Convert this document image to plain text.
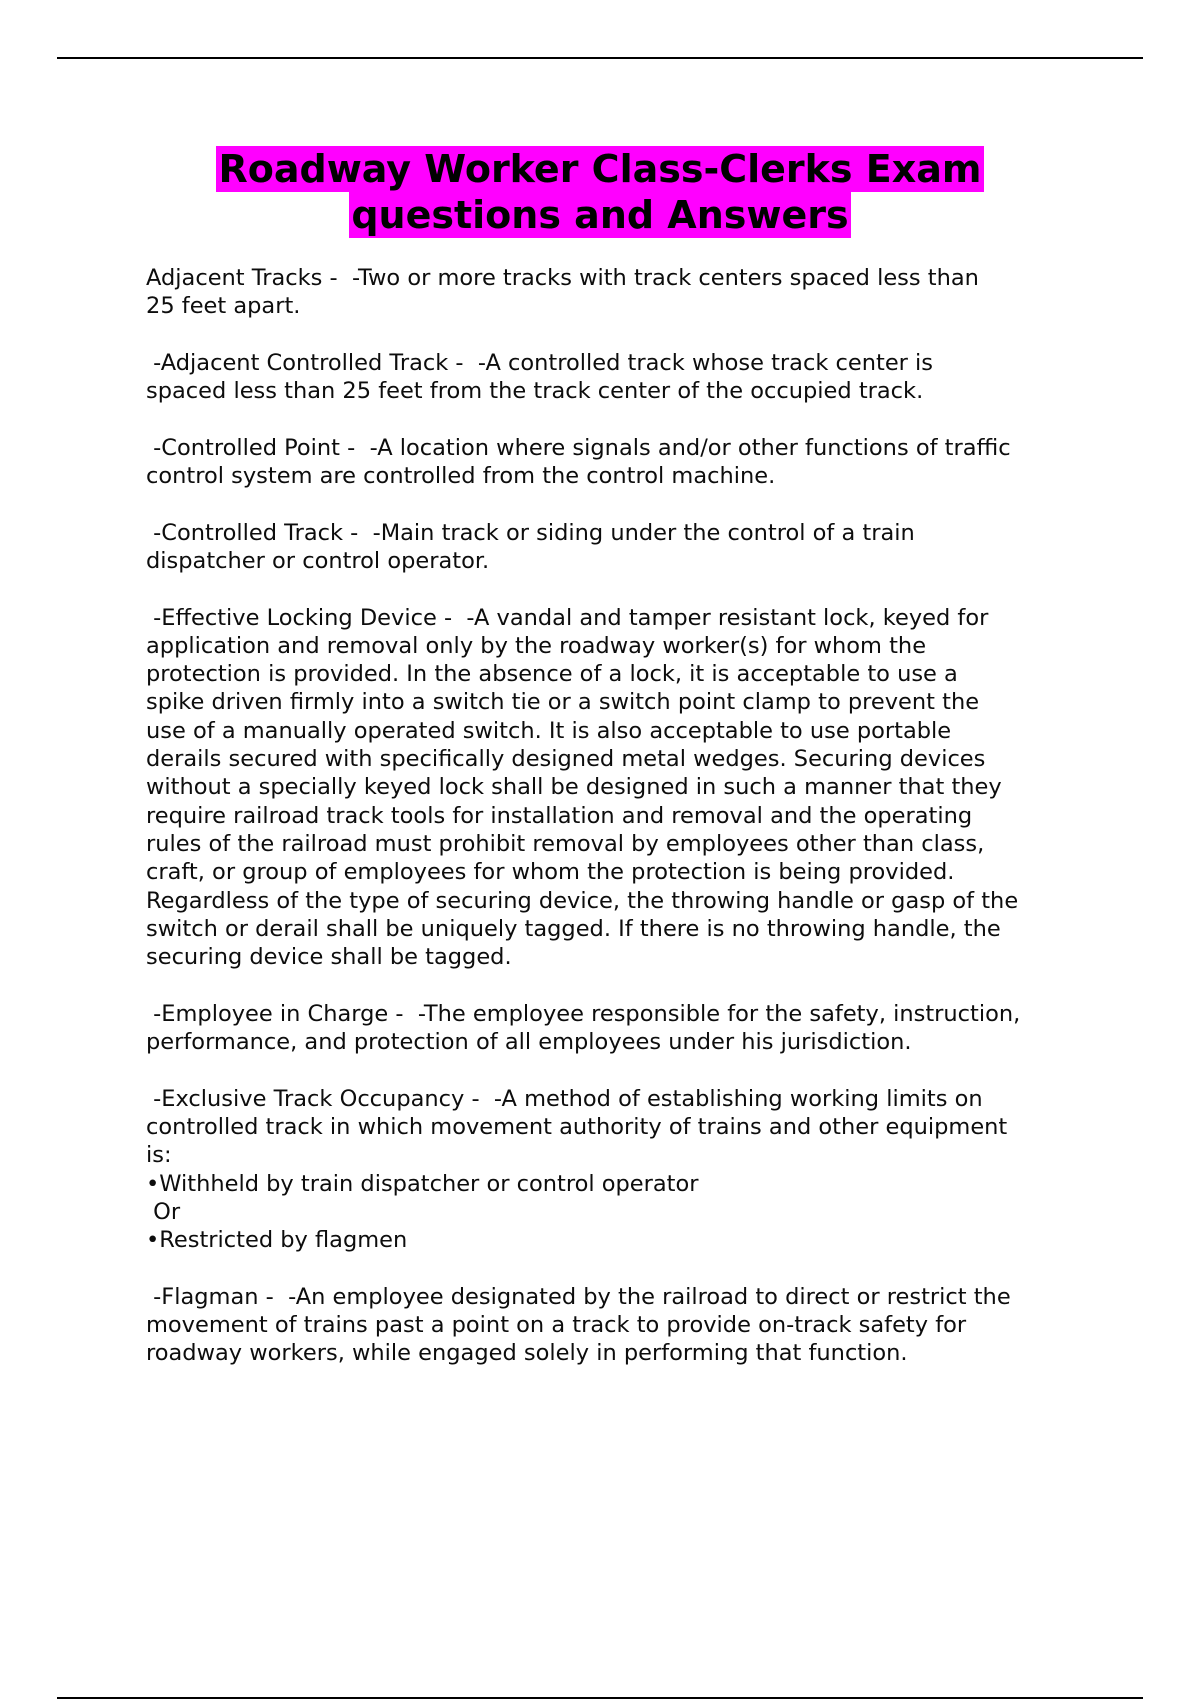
Roadway Worker Class-Clerks Exam
questions and Answers

Adjacent Tracks -  -Two or more tracks with track centers spaced less than
25 feet apart.

-Adjacent Controlled Track -  -A controlled track whose track center is
spaced less than 25 feet from the track center of the occupied track.

-Controlled Point -  -A location where signals and/or other functions of traffic
control system are controlled from the control machine.

-Controlled Track -  -Main track or siding under the control of a train
dispatcher or control operator.

-Effective Locking Device -  -A vandal and tamper resistant lock, keyed for
application and removal only by the roadway worker(s) for whom the
protection is provided. In the absence of a lock, it is acceptable to use a
spike driven firmly into a switch tie or a switch point clamp to prevent the
use of a manually operated switch. It is also acceptable to use portable
derails secured with specifically designed metal wedges. Securing devices
without a specially keyed lock shall be designed in such a manner that they
require railroad track tools for installation and removal and the operating
rules of the railroad must prohibit removal by employees other than class,
craft, or group of employees for whom the protection is being provided.
Regardless of the type of securing device, the throwing handle or gasp of the
switch or derail shall be uniquely tagged. If there is no throwing handle, the
securing device shall be tagged.

-Employee in Charge -  -The employee responsible for the safety, instruction,
performance, and protection of all employees under his jurisdiction.

-Exclusive Track Occupancy -  -A method of establishing working limits on
controlled track in which movement authority of trains and other equipment
is:
•Withheld by train dispatcher or control operator
Or
•Restricted by flagmen

-Flagman -  -An employee designated by the railroad to direct or restrict the
movement of trains past a point on a track to provide on-track safety for
roadway workers, while engaged solely in performing that function.
